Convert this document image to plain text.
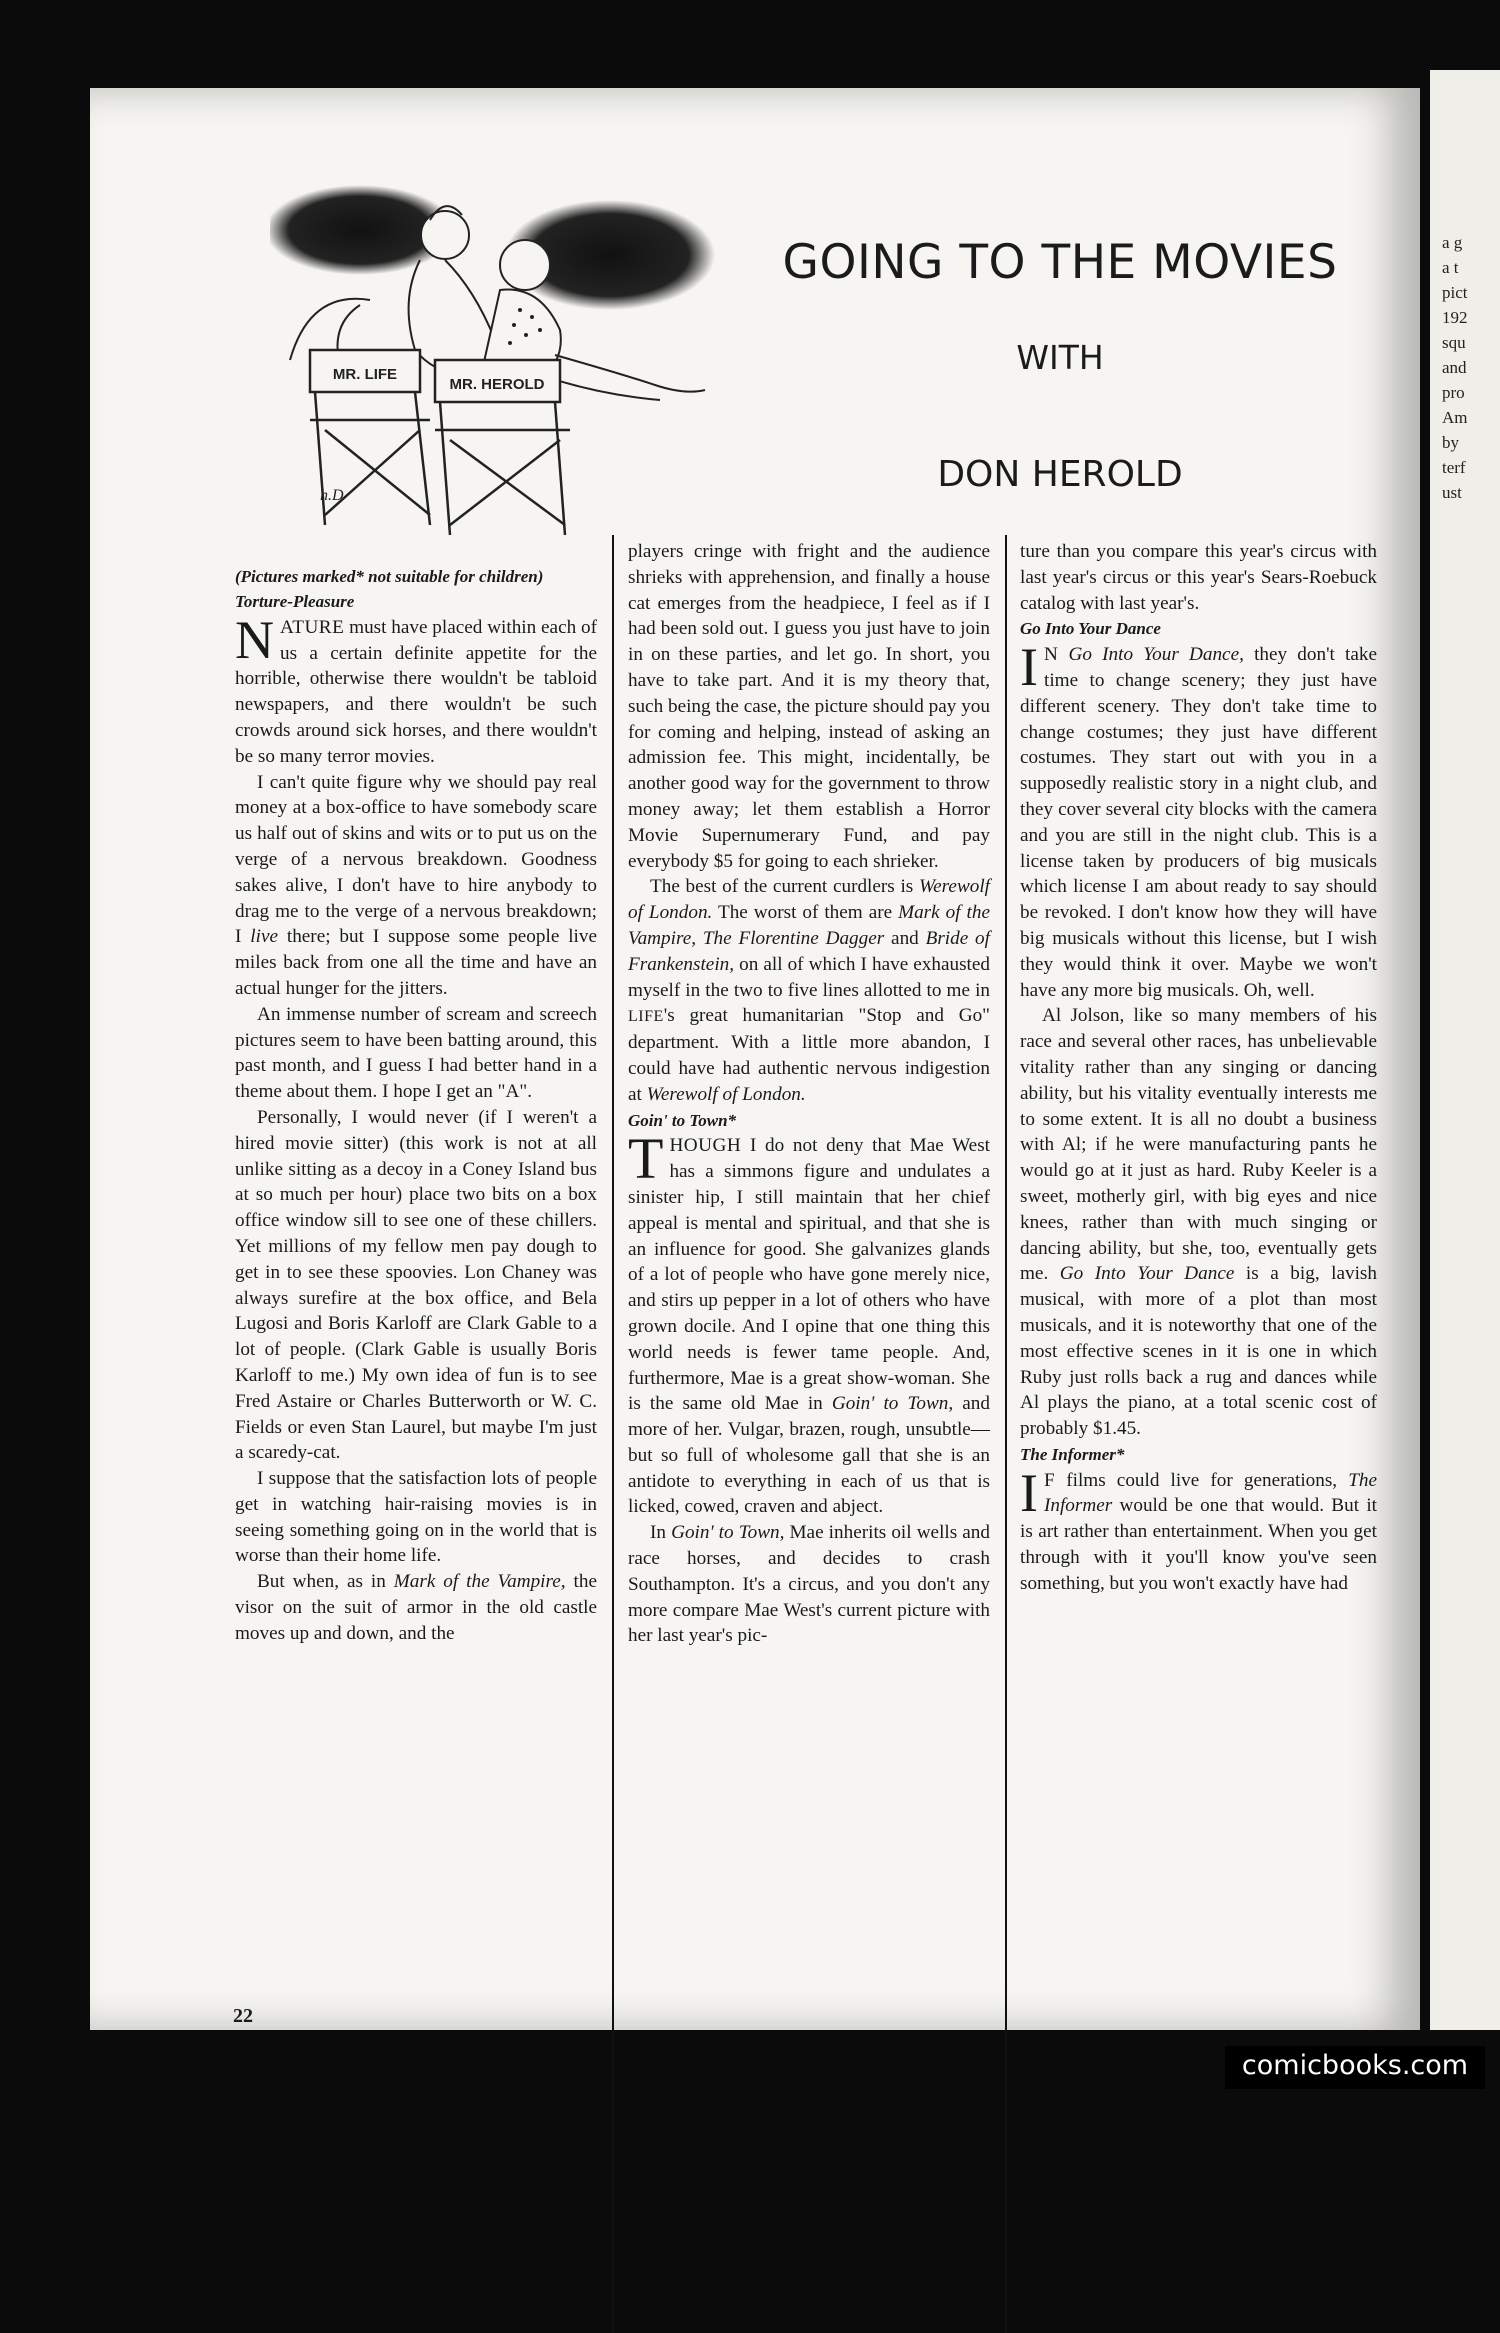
a g
a t
pict
192
squ
and
pro
Am
by
terf
ust
MR. LIFE
MR. HEROLD
h.D
GOING TO THE MOVIES
WITH
DON HEROLD

(Pictures marked* not suitable for children)

Torture-Pleasure

NATURE must have placed within each of us a certain definite appetite for the horrible, otherwise there wouldn't be tabloid newspapers, and there wouldn't be such crowds around sick horses, and there wouldn't be so many terror movies.

I can't quite figure why we should pay real money at a box-office to have somebody scare us half out of skins and wits or to put us on the verge of a nervous breakdown. Goodness sakes alive, I don't have to hire anybody to drag me to the verge of a nervous breakdown; I live there; but I suppose some people live miles back from one all the time and have an actual hunger for the jitters.

An immense number of scream and screech pictures seem to have been batting around, this past month, and I guess I had better hand in a theme about them. I hope I get an "A".

Personally, I would never (if I weren't a hired movie sitter) (this work is not at all unlike sitting as a decoy in a Coney Island bus at so much per hour) place two bits on a box office window sill to see one of these chillers. Yet millions of my fellow men pay dough to get in to see these spoovies. Lon Chaney was always surefire at the box office, and Bela Lugosi and Boris Karloff are Clark Gable to a lot of people. (Clark Gable is usually Boris Karloff to me.) My own idea of fun is to see Fred Astaire or Charles Butterworth or W. C. Fields or even Stan Laurel, but maybe I'm just a scaredy-cat.

I suppose that the satisfaction lots of people get in watching hair-raising movies is in seeing something going on in the world that is worse than their home life.

But when, as in Mark of the Vampire, the visor on the suit of armor in the old castle moves up and down, and the

players cringe with fright and the audience shrieks with apprehension, and finally a house cat emerges from the headpiece, I feel as if I had been sold out. I guess you just have to join in on these parties, and let go. In short, you have to take part. And it is my theory that, such being the case, the picture should pay you for coming and helping, instead of asking an admission fee. This might, incidentally, be another good way for the government to throw money away; let them establish a Horror Movie Supernumerary Fund, and pay everybody $5 for going to each shrieker.

The best of the current curdlers is Werewolf of London. The worst of them are Mark of the Vampire, The Florentine Dagger and Bride of Frankenstein, on all of which I have exhausted myself in the two to five lines allotted to me in LIFE's great humanitarian "Stop and Go" department. With a little more abandon, I could have had authentic nervous indigestion at Werewolf of London.

Goin' to Town*

THOUGH I do not deny that Mae West has a simmons figure and undulates a sinister hip, I still maintain that her chief appeal is mental and spiritual, and that she is an influence for good. She galvanizes glands of a lot of people who have gone merely nice, and stirs up pepper in a lot of others who have grown docile. And I opine that one thing this world needs is fewer tame people. And, furthermore, Mae is a great show-woman. She is the same old Mae in Goin' to Town, and more of her. Vulgar, brazen, rough, unsubtle—but so full of wholesome gall that she is an antidote to everything in each of us that is licked, cowed, craven and abject.

In Goin' to Town, Mae inherits oil wells and race horses, and decides to crash Southampton. It's a circus, and you don't any more compare Mae West's current picture with her last year's pic-

ture than you compare this year's circus with last year's circus or this year's Sears-Roebuck catalog with last year's.

Go Into Your Dance

I N Go Into Your Dance, they don't take time to change scenery; they just have different scenery. They don't take time to change costumes; they just have different costumes. They start out with you in a supposedly realistic story in a night club, and they cover several city blocks with the camera and you are still in the night club. This is a license taken by producers of big musicals which license I am about ready to say should be revoked. I don't know how they will have big musicals without this license, but I wish they would think it over. Maybe we won't have any more big musicals. Oh, well.

Al Jolson, like so many members of his race and several other races, has unbelievable vitality rather than any singing or dancing ability, but his vitality eventually interests me to some extent. It is all no doubt a business with Al; if he were manufacturing pants he would go at it just as hard. Ruby Keeler is a sweet, motherly girl, with big eyes and nice knees, rather than with much singing or dancing ability, but she, too, eventually gets me. Go Into Your Dance is a big, lavish musical, with more of a plot than most musicals, and it is noteworthy that one of the most effective scenes in it is one in which Ruby just rolls back a rug and dances while Al plays the piano, at a total scenic cost of probably $1.45.

The Informer*

I F films could live for generations, The Informer would be one that would. But it is art rather than entertainment. When you get through with it you'll know you've seen something, but you won't exactly have had

22
comicbooks.com
